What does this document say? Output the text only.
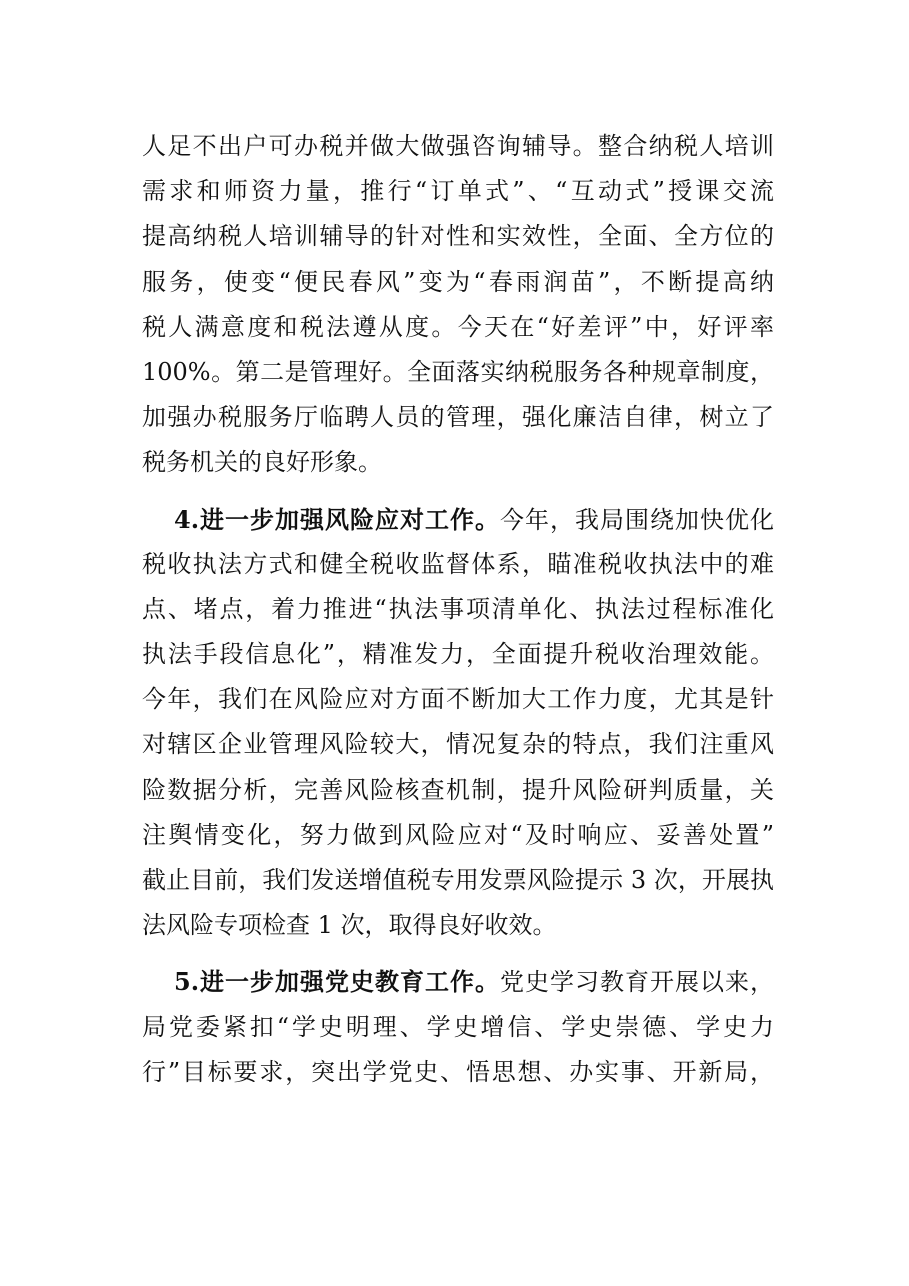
人足不出户可办税并做大做强咨询辅导。整合纳税人培训
需求和师资力量，推行“订单式”、“互动式”授课交流
提高纳税人培训辅导的针对性和实效性，全面、全方位的
服务，使变“便民春风”变为“春雨润苗”，不断提高纳
税人满意度和税法遵从度。今天在“好差评”中，好评率
100%。第二是管理好。全面落实纳税服务各种规章制度，
加强办税服务厅临聘人员的管理，强化廉洁自律，树立了
税务机关的良好形象。
4.进一步加强风险应对工作。今年，我局围绕加快优化
税收执法方式和健全税收监督体系，瞄准税收执法中的难
点、堵点，着力推进“执法事项清单化、执法过程标准化
执法手段信息化”，精准发力，全面提升税收治理效能。
今年，我们在风险应对方面不断加大工作力度，尤其是针
对辖区企业管理风险较大，情况复杂的特点，我们注重风
险数据分析，完善风险核查机制，提升风险研判质量，关
注舆情变化，努力做到风险应对“及时响应、妥善处置”
截止目前，我们发送增值税专用发票风险提示 3 次，开展执
法风险专项检查 1 次，取得良好收效。
5.进一步加强党史教育工作。党史学习教育开展以来，
局党委紧扣“学史明理、学史增信、学史崇德、学史力
行”目标要求，突出学党史、悟思想、办实事、开新局，
